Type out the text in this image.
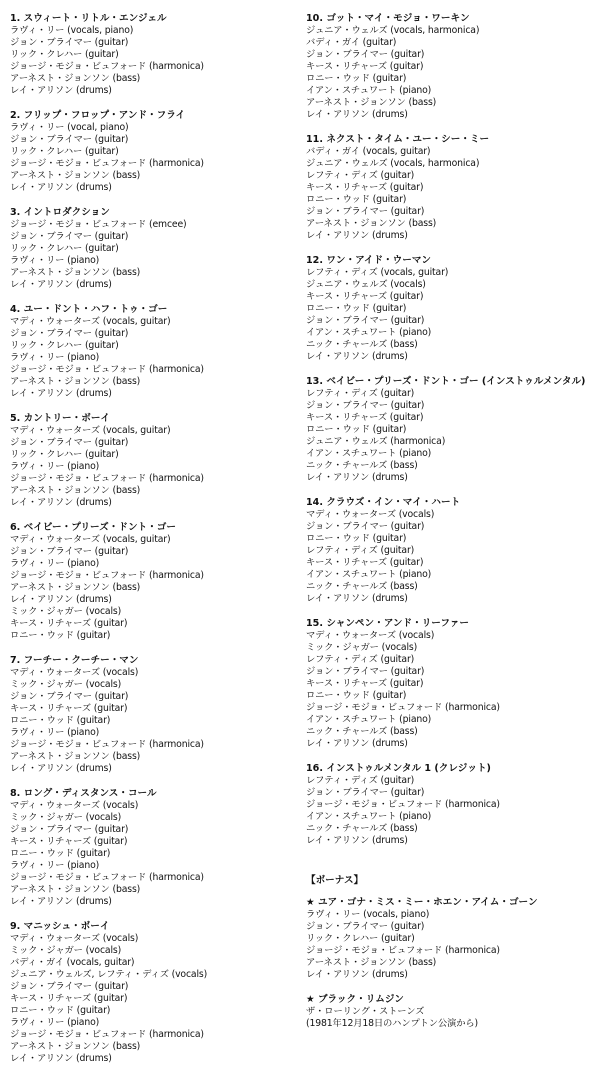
1. スウィート・リトル・エンジェル
ラヴィ・リー (vocals, piano)
ジョン・ブライマー (guitar)
リック・クレハー (guitar)
ジョージ・モジョ・ビュフォード (harmonica)
アーネスト・ジョンソン (bass)
レイ・アリソン (drums)
2. フリップ・フロップ・アンド・フライ
ラヴィ・リー (vocal, piano)
ジョン・ブライマー (guitar)
リック・クレハー (guitar)
ジョージ・モジョ・ビュフォード (harmonica)
アーネスト・ジョンソン (bass)
レイ・アリソン (drums)
3. イントロダクション
ジョージ・モジョ・ビュフォード (emcee)
ジョン・ブライマー (guitar)
リック・クレハー (guitar)
ラヴィ・リー (piano)
アーネスト・ジョンソン (bass)
レイ・アリソン (drums)
4. ユー・ドント・ハフ・トゥ・ゴー
マディ・ウォーターズ (vocals, guitar)
ジョン・ブライマー (guitar)
リック・クレハー (guitar)
ラヴィ・リー (piano)
ジョージ・モジョ・ビュフォード (harmonica)
アーネスト・ジョンソン (bass)
レイ・アリソン (drums)
5. カントリー・ボーイ
マディ・ウォーターズ (vocals, guitar)
ジョン・ブライマー (guitar)
リック・クレハー (guitar)
ラヴィ・リー (piano)
ジョージ・モジョ・ビュフォード (harmonica)
アーネスト・ジョンソン (bass)
レイ・アリソン (drums)
6. ベイビー・プリーズ・ドント・ゴー
マディ・ウォーターズ (vocals, guitar)
ジョン・ブライマー (guitar)
ラヴィ・リー (piano)
ジョージ・モジョ・ビュフォード (harmonica)
アーネスト・ジョンソン (bass)
レイ・アリソン (drums)
ミック・ジャガー (vocals)
キース・リチャーズ (guitar)
ロニー・ウッド (guitar)
7. フーチー・クーチー・マン
マディ・ウォーターズ (vocals)
ミック・ジャガー (vocals)
ジョン・ブライマー (guitar)
キース・リチャーズ (guitar)
ロニー・ウッド (guitar)
ラヴィ・リー (piano)
ジョージ・モジョ・ビュフォード (harmonica)
アーネスト・ジョンソン (bass)
レイ・アリソン (drums)
8. ロング・ディスタンス・コール
マディ・ウォーターズ (vocals)
ミック・ジャガー (vocals)
ジョン・ブライマー (guitar)
キース・リチャーズ (guitar)
ロニー・ウッド (guitar)
ラヴィ・リー (piano)
ジョージ・モジョ・ビュフォード (harmonica)
アーネスト・ジョンソン (bass)
レイ・アリソン (drums)
9. マニッシュ・ボーイ
マディ・ウォーターズ (vocals)
ミック・ジャガー (vocals)
バディ・ガイ (vocals, guitar)
ジュニア・ウェルズ, レフティ・ディズ (vocals)
ジョン・ブライマー (guitar)
キース・リチャーズ (guitar)
ロニー・ウッド (guitar)
ラヴィ・リー (piano)
ジョージ・モジョ・ビュフォード (harmonica)
アーネスト・ジョンソン (bass)
レイ・アリソン (drums)
10. ゴット・マイ・モジョ・ワーキン
ジュニア・ウェルズ (vocals, harmonica)
バディ・ガイ (guitar)
ジョン・ブライマー (guitar)
キース・リチャーズ (guitar)
ロニー・ウッド (guitar)
イアン・スチュワート (piano)
アーネスト・ジョンソン (bass)
レイ・アリソン (drums)
11. ネクスト・タイム・ユー・シー・ミー
バディ・ガイ (vocals, guitar)
ジュニア・ウェルズ (vocals, harmonica)
レフティ・ディズ (guitar)
キース・リチャーズ (guitar)
ロニー・ウッド (guitar)
ジョン・ブライマー (guitar)
アーネスト・ジョンソン (bass)
レイ・アリソン (drums)
12. ワン・アイド・ウーマン
レフティ・ディズ (vocals, guitar)
ジュニア・ウェルズ (vocals)
キース・リチャーズ (guitar)
ロニー・ウッド (guitar)
ジョン・ブライマー (guitar)
イアン・スチュワート (piano)
ニック・チャールズ (bass)
レイ・アリソン (drums)
13. ベイビー・プリーズ・ドント・ゴー (インストゥルメンタル)
レフティ・ディズ (guitar)
ジョン・ブライマー (guitar)
キース・リチャーズ (guitar)
ロニー・ウッド (guitar)
ジュニア・ウェルズ (harmonica)
イアン・スチュワート (piano)
ニック・チャールズ (bass)
レイ・アリソン (drums)
14. クラウズ・イン・マイ・ハート
マディ・ウォーターズ (vocals)
ジョン・ブライマー (guitar)
ロニー・ウッド (guitar)
レフティ・ディズ (guitar)
キース・リチャーズ (guitar)
イアン・スチュワート (piano)
ニック・チャールズ (bass)
レイ・アリソン (drums)
15. シャンペン・アンド・リーファー
マディ・ウォーターズ (vocals)
ミック・ジャガー (vocals)
レフティ・ディズ (guitar)
ジョン・ブライマー (guitar)
キース・リチャーズ (guitar)
ロニー・ウッド (guitar)
ジョージ・モジョ・ビュフォード (harmonica)
イアン・スチュワート (piano)
ニック・チャールズ (bass)
レイ・アリソン (drums)
16. インストゥルメンタル 1 (クレジット)
レフティ・ディズ (guitar)
ジョン・ブライマー (guitar)
ジョージ・モジョ・ビュフォード (harmonica)
イアン・スチュワート (piano)
ニック・チャールズ (bass)
レイ・アリソン (drums)
【ボーナス】
★ ユア・ゴナ・ミス・ミー・ホエン・アイム・ゴーン
ラヴィ・リー (vocals, piano)
ジョン・ブライマー (guitar)
リック・クレハー (guitar)
ジョージ・モジョ・ビュフォード (harmonica)
アーネスト・ジョンソン (bass)
レイ・アリソン (drums)
★ ブラック・リムジン
ザ・ローリング・ストーンズ
(1981年12月18日のハンプトン公演から)
